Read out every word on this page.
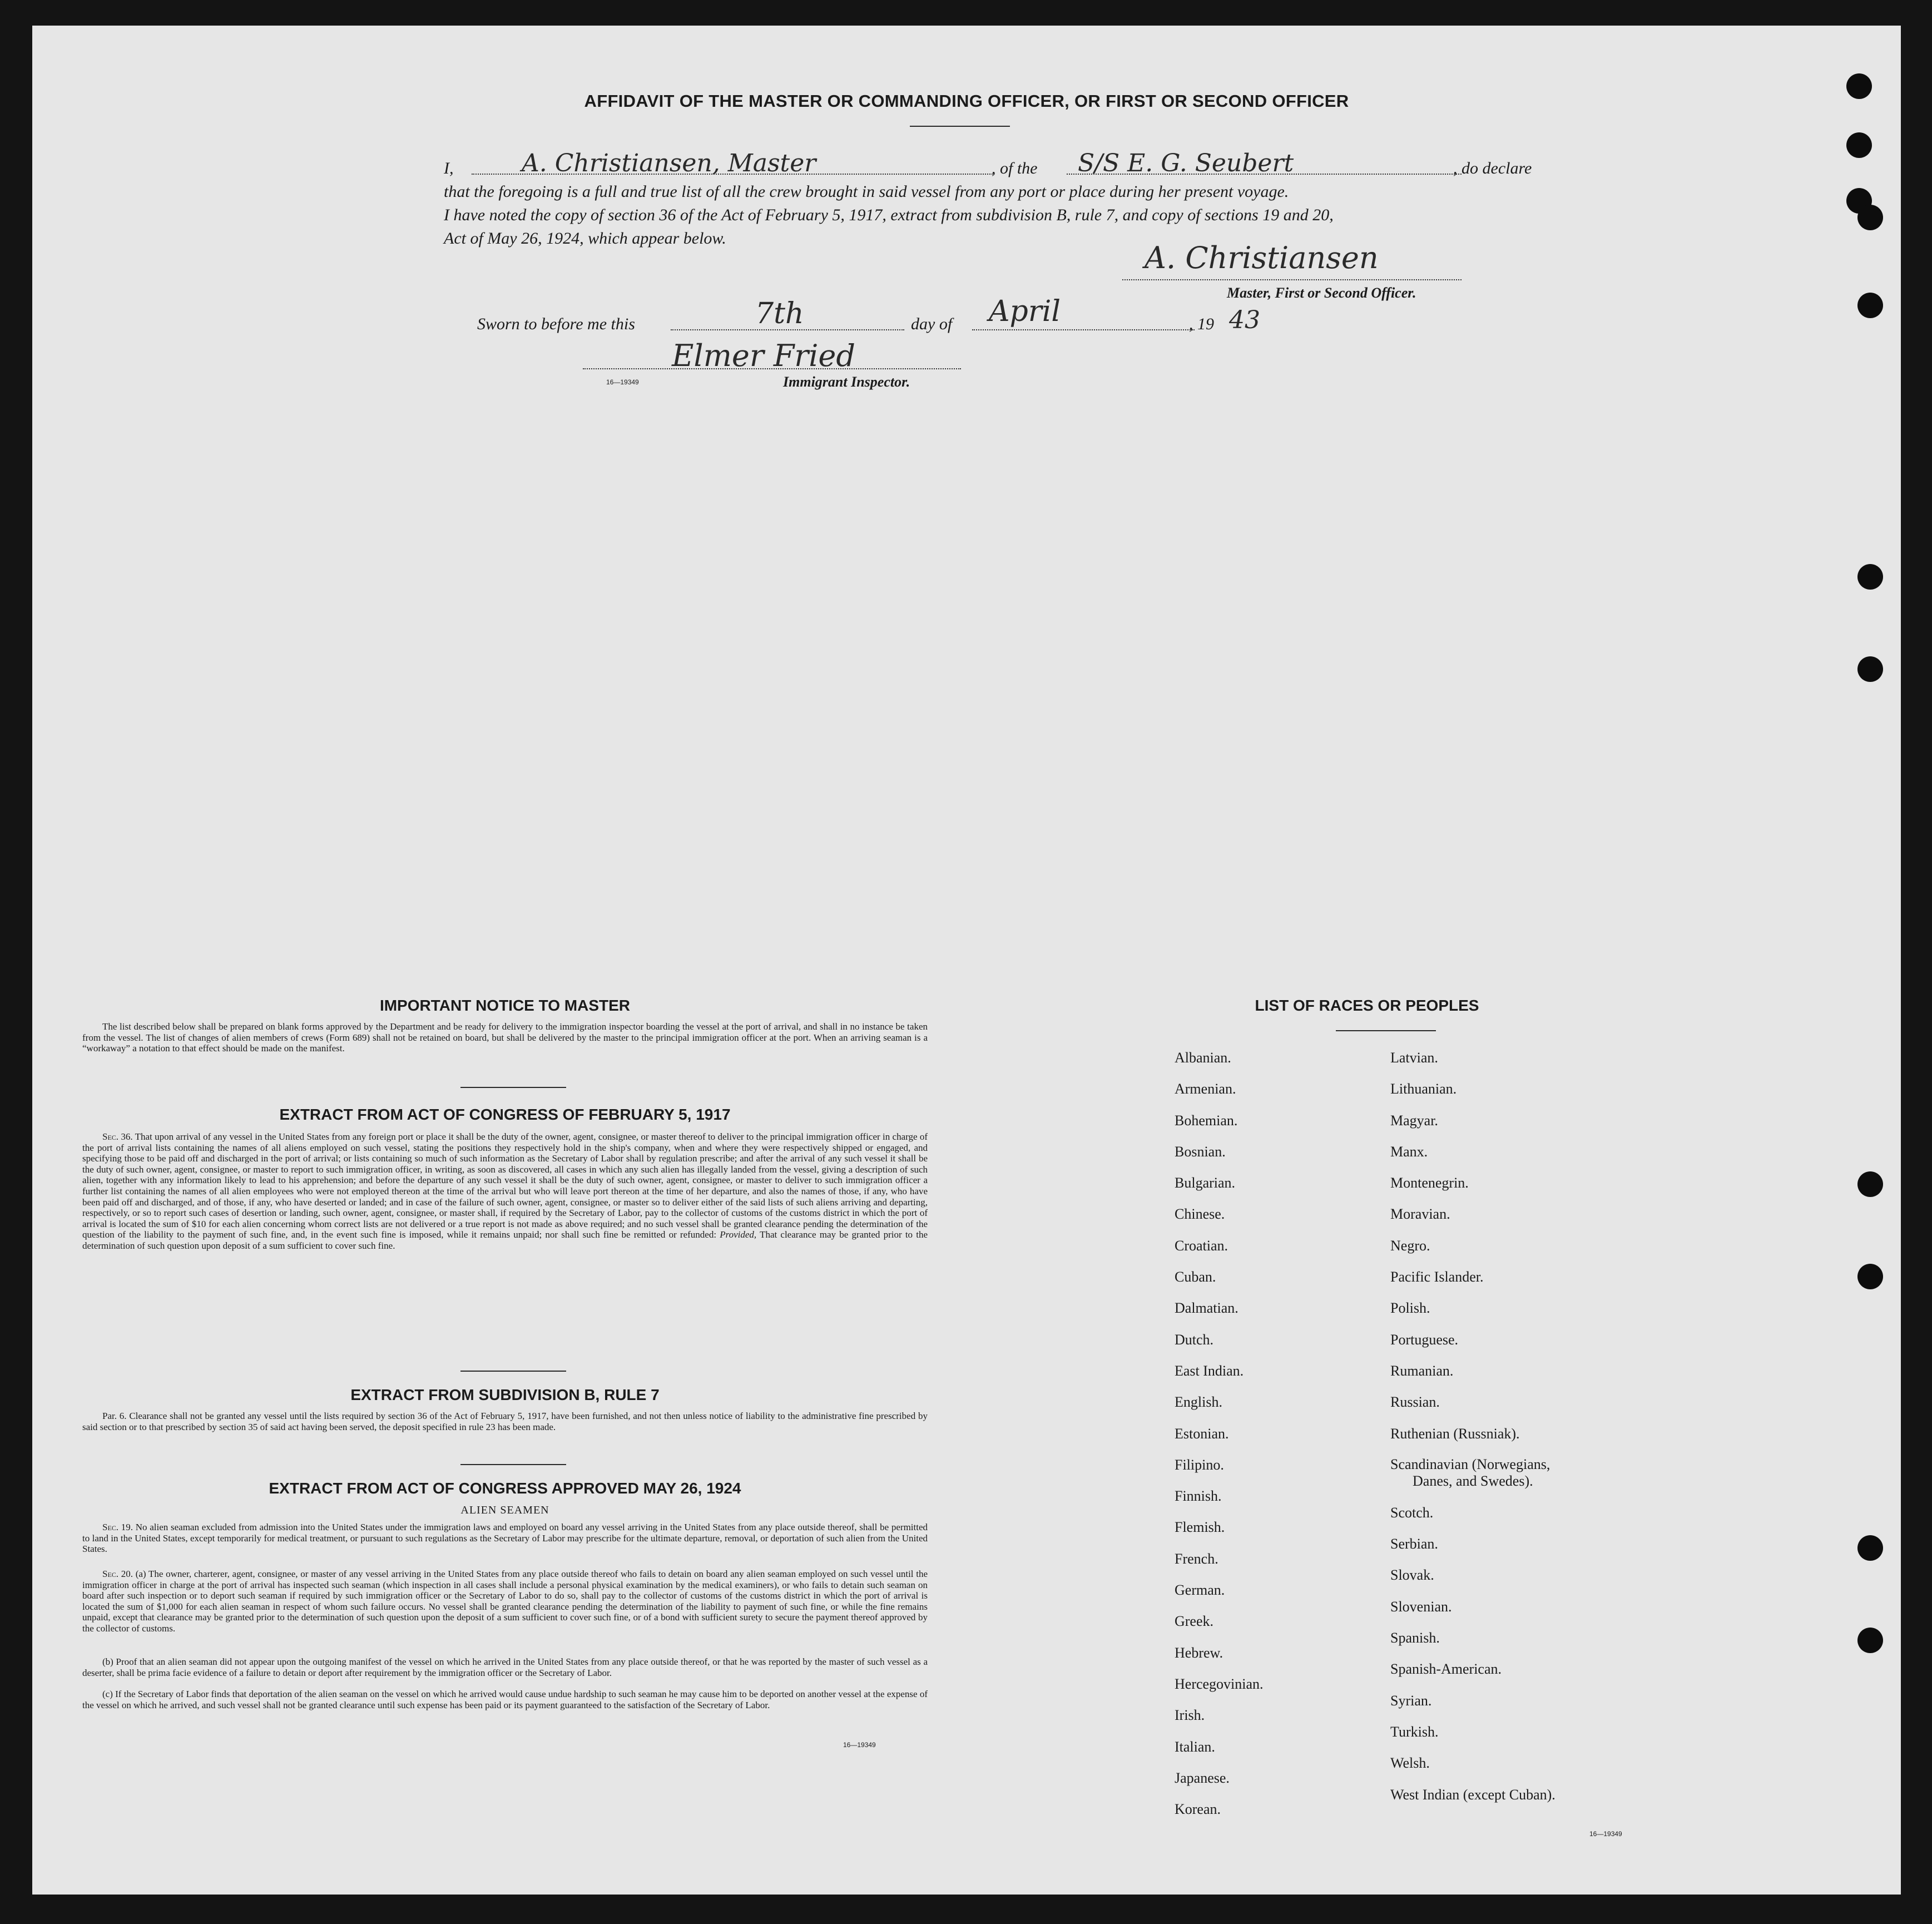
AFFIDAVIT OF THE MASTER OR COMMANDING OFFICER, OR FIRST OR SECOND OFFICER
I,	A. Christiansen, Master	, of the S/S E. G. Seubert	, do declare
that the foregoing is a full and true list of all the crew brought in said vessel from any port or place during her present voyage.
I have noted the copy of section 36 of the Act of February 5, 1917, extract from subdivision B, rule 7, and copy of sections 19 and 20,
Act of May 26, 1924, which appear below.
A. Christiansen
Master, First or Second Officer.
Sworn to before me this	7th	day of April	, 19 43
Elmer Fried
16—19349	Immigrant Inspector.
IMPORTANT NOTICE TO MASTER
The list described below shall be prepared on blank forms approved by the Department and be ready for delivery to the immigration inspector boarding the vessel at the port of arrival, and shall in no instance be taken from the vessel. The list of changes of alien members of crews (Form 689) shall not be retained on board, but shall be delivered by the master to the principal immigration officer at the port. When an arriving seaman is a “workaway” a notation to that effect should be made on the manifest.
EXTRACT FROM ACT OF CONGRESS OF FEBRUARY 5, 1917
Sec. 36. That upon arrival of any vessel in the United States from any foreign port or place it shall be the duty of the owner, agent, consignee, or master thereof to deliver to the principal immigration officer in charge of the port of arrival lists containing the names of all aliens employed on such vessel, stating the positions they respectively hold in the ship's company, when and where they were respectively shipped or engaged, and specifying those to be paid off and discharged in the port of arrival; or lists containing so much of such information as the Secretary of Labor shall by regulation prescribe; and after the arrival of any such vessel it shall be the duty of such owner, agent, consignee, or master to report to such immigration officer, in writing, as soon as discovered, all cases in which any such alien has illegally landed from the vessel, giving a description of such alien, together with any information likely to lead to his apprehension; and before the departure of any such vessel it shall be the duty of such owner, agent, consignee, or master to deliver to such immigration officer a further list containing the names of all alien employees who were not employed thereon at the time of the arrival but who will leave port thereon at the time of her departure, and also the names of those, if any, who have been paid off and discharged, and of those, if any, who have deserted or landed; and in case of the failure of such owner, agent, consignee, or master so to deliver either of the said lists of such aliens arriving and departing, respectively, or so to report such cases of desertion or landing, such owner, agent, consignee, or master shall, if required by the Secretary of Labor, pay to the collector of customs of the customs district in which the port of arrival is located the sum of $10 for each alien concerning whom correct lists are not delivered or a true report is not made as above required; and no such vessel shall be granted clearance pending the determination of the question of the liability to the payment of such fine, and, in the event such fine is imposed, while it remains unpaid; nor shall such fine be remitted or refunded: Provided, That clearance may be granted prior to the determination of such question upon deposit of a sum sufficient to cover such fine.
EXTRACT FROM SUBDIVISION B, RULE 7
Par. 6. Clearance shall not be granted any vessel until the lists required by section 36 of the Act of February 5, 1917, have been furnished, and not then unless notice of liability to the administrative fine prescribed by said section or to that prescribed by section 35 of said act having been served, the deposit specified in rule 23 has been made.
EXTRACT FROM ACT OF CONGRESS APPROVED MAY 26, 1924
ALIEN SEAMEN
Sec. 19. No alien seaman excluded from admission into the United States under the immigration laws and employed on board any vessel arriving in the United States from any place outside thereof, shall be permitted to land in the United States, except temporarily for medical treatment, or pursuant to such regulations as the Secretary of Labor may prescribe for the ultimate departure, removal, or deportation of such alien from the United States.
Sec. 20. (a) The owner, charterer, agent, consignee, or master of any vessel arriving in the United States from any place outside thereof who fails to detain on board any alien seaman employed on such vessel until the immigration officer in charge at the port of arrival has inspected such seaman (which inspection in all cases shall include a personal physical examination by the medical examiners), or who fails to detain such seaman on board after such inspection or to deport such seaman if required by such immigration officer or the Secretary of Labor to do so, shall pay to the collector of customs of the customs district in which the port of arrival is located the sum of $1,000 for each alien seaman in respect of whom such failure occurs. No vessel shall be granted clearance pending the determination of the liability to payment of such fine, or while the fine remains unpaid, except that clearance may be granted prior to the determination of such question upon the deposit of a sum sufficient to cover such fine, or of a bond with sufficient surety to secure the payment thereof approved by the collector of customs.
(b) Proof that an alien seaman did not appear upon the outgoing manifest of the vessel on which he arrived in the United States from any place outside thereof, or that he was reported by the master of such vessel as a deserter, shall be prima facie evidence of a failure to detain or deport after requirement by the immigration officer or the Secretary of Labor.
(c) If the Secretary of Labor finds that deportation of the alien seaman on the vessel on which he arrived would cause undue hardship to such seaman he may cause him to be deported on another vessel at the expense of the vessel on which he arrived, and such vessel shall not be granted clearance until such expense has been paid or its payment guaranteed to the satisfaction of the Secretary of Labor.
16—19349
LIST OF RACES OR PEOPLES
Albanian.
Armenian.
Bohemian.
Bosnian.
Bulgarian.
Chinese.
Croatian.
Cuban.
Dalmatian.
Dutch.
East Indian.
English.
Estonian.
Filipino.
Finnish.
Flemish.
French.
German.
Greek.
Hebrew.
Hercegovinian.
Irish.
Italian.
Japanese.
Korean.
Latvian.
Lithuanian.
Magyar.
Manx.
Montenegrin.
Moravian.
Negro.
Pacific Islander.
Polish.
Portuguese.
Rumanian.
Russian.
Ruthenian (Russniak).
Scandinavian (Norwegians,
Danes, and Swedes).
Scotch.
Serbian.
Slovak.
Slovenian.
Spanish.
Spanish-American.
Syrian.
Turkish.
Welsh.
West Indian (except Cuban).
16—19349
